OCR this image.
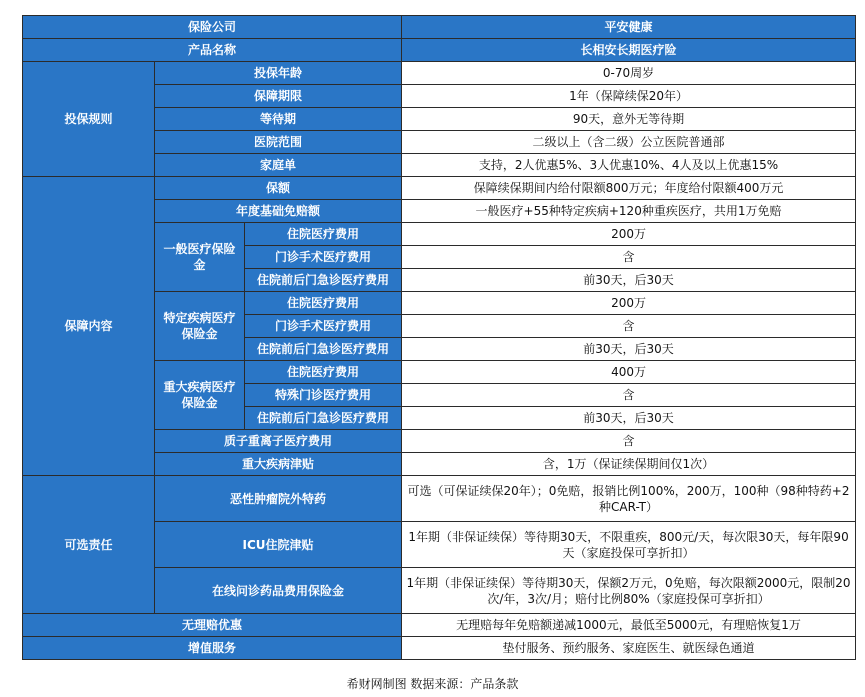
保险公司			平安健康
产品名称			长相安长期医疗险
投保规则	投保年龄		0-70周岁
	保障期限		1年（保障续保20年）
	等待期		90天，意外无等待期
	医院范围		二级以上（含二级）公立医院普通部
	家庭单		支持，2人优惠5%、3人优惠10%、4人及以上优惠15%
保障内容	保额		保障续保期间内给付限额800万元；年度给付限额400万元
	年度基础免赔额		一般医疗+55种特定疾病+120种重疾医疗，共用1万免赔
	一般医疗保险金	住院医疗费用	200万
		门诊手术医疗费用	含
		住院前后门急诊医疗费用	前30天，后30天
	特定疾病医疗保险金	住院医疗费用	200万
		门诊手术医疗费用	含
		住院前后门急诊医疗费用	前30天，后30天
	重大疾病医疗保险金	住院医疗费用	400万
		特殊门诊医疗费用	含
		住院前后门急诊医疗费用	前30天，后30天
	质子重离子医疗费用		含
	重大疾病津贴		含，1万（保证续保期间仅1次）
可选责任	恶性肿瘤院外特药		可选（可保证续保20年）；0免赔，报销比例100%，200万，100种（98种特药+2种CAR-T）
	ICU住院津贴		1年期（非保证续保）等待期30天，不限重疾，800元/天，每次限30天，每年限90天（家庭投保可享折扣）
	在线问诊药品费用保险金		1年期（非保证续保）等待期30天，保额2万元，0免赔，每次限额2000元，限制20次/年，3次/月；赔付比例80%（家庭投保可享折扣）
无理赔优惠			无理赔每年免赔额递减1000元，最低至5000元，有理赔恢复1万
增值服务			垫付服务、预约服务、家庭医生、就医绿色通道
希财网制图 数据来源：产品条款
